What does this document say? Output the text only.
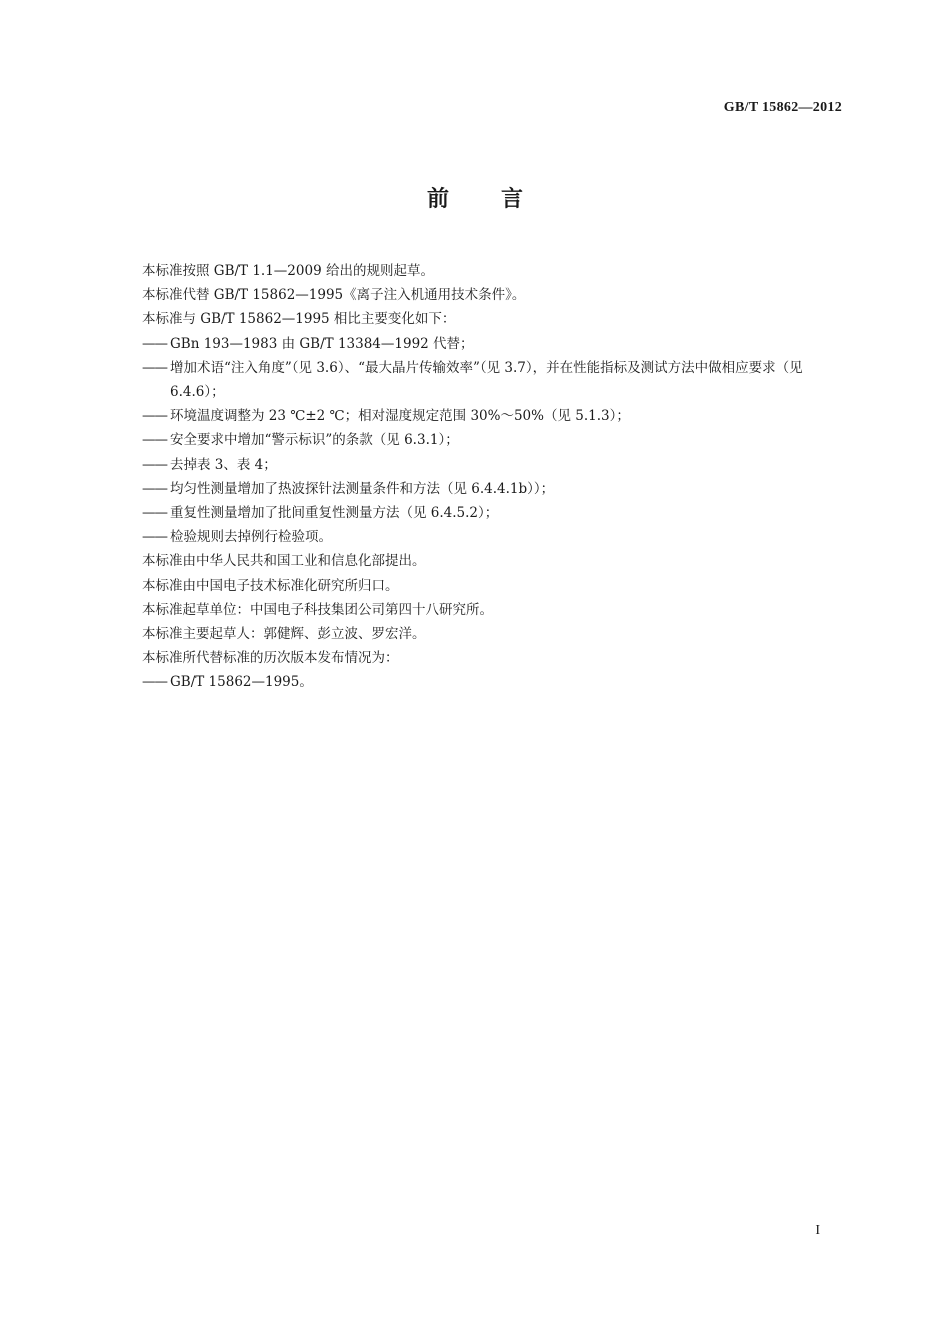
GB/T 15862—2012
前言

本标准按照 GB/T 1.1—2009 给出的规则起草。

本标准代替 GB/T 15862—1995《离子注入机通用技术条件》。

本标准与 GB/T 15862—1995 相比主要变化如下：

—— GBn 193—1983 由 GB/T 13384—1992 代替；

—— 增加术语“注入角度”（见 3.6）、“最大晶片传输效率”（见 3.7），并在性能指标及测试方法中做相应要求（见 6.4.6）；

—— 环境温度调整为 23 ℃±2 ℃；相对湿度规定范围 30%～50%（见 5.1.3）；

—— 安全要求中增加“警示标识”的条款（见 6.3.1）；

—— 去掉表 3、表 4；

—— 均匀性测量增加了热波探针法测量条件和方法（见 6.4.4.1b））；

—— 重复性测量增加了批间重复性测量方法（见 6.4.5.2）；

—— 检验规则去掉例行检验项。

本标准由中华人民共和国工业和信息化部提出。

本标准由中国电子技术标准化研究所归口。

本标准起草单位：中国电子科技集团公司第四十八研究所。

本标准主要起草人：郭健辉、彭立波、罗宏洋。

本标准所代替标准的历次版本发布情况为：

—— GB/T 15862—1995。

I
